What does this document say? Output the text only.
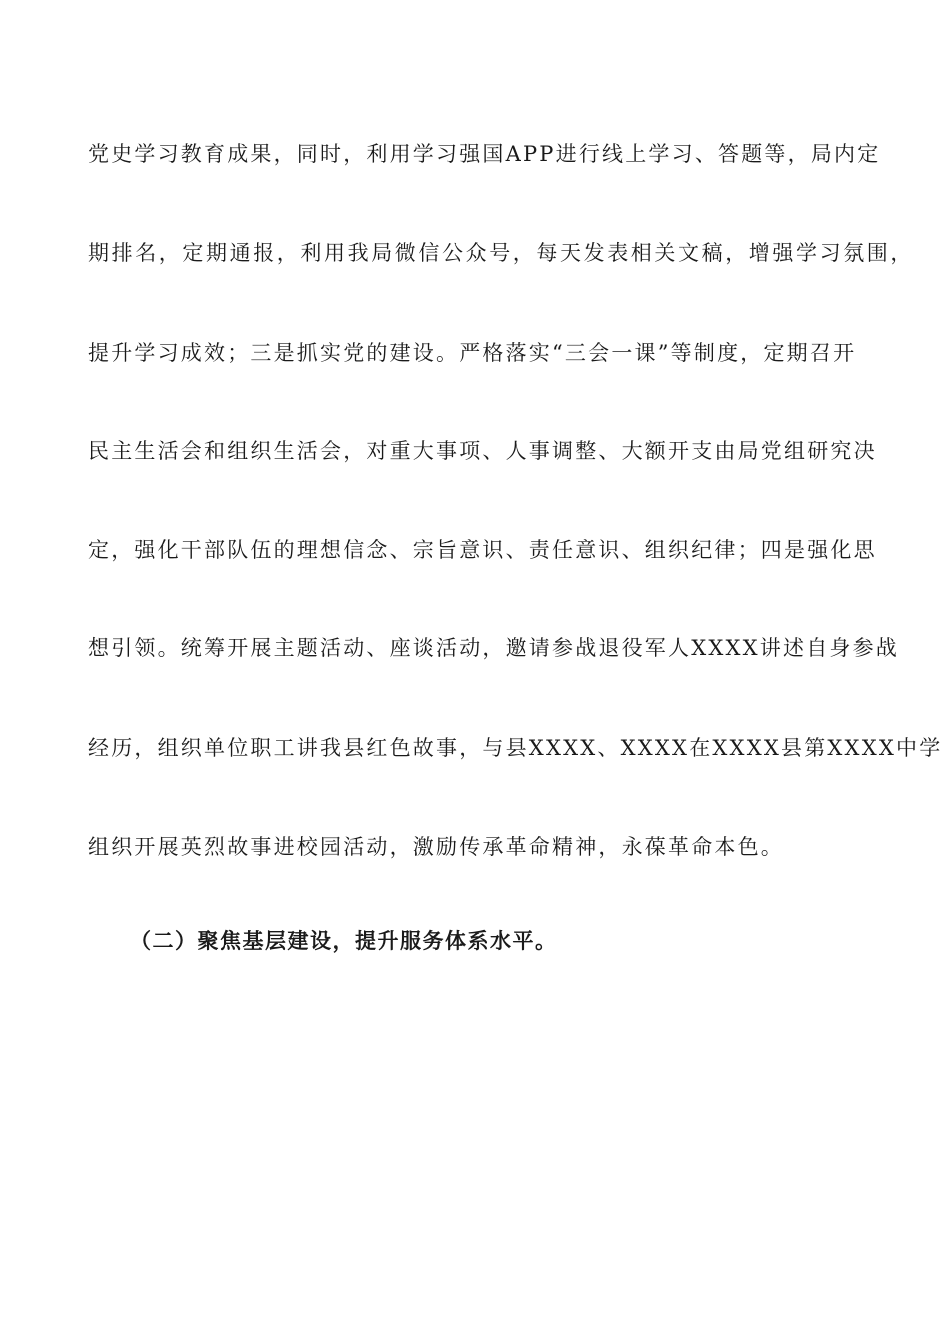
党史学习教育成果，同时，利用学习强国APP进行线上学习、答题等，局内定
期排名，定期通报，利用我局微信公众号，每天发表相关文稿，增强学习氛围，
提升学习成效；三是抓实党的建设。严格落实“三会一课”等制度，定期召开
民主生活会和组织生活会，对重大事项、人事调整、大额开支由局党组研究决
定，强化干部队伍的理想信念、宗旨意识、责任意识、组织纪律；四是强化思
想引领。统筹开展主题活动、座谈活动，邀请参战退役军人XXXX讲述自身参战
经历，组织单位职工讲我县红色故事，与县XXXX、XXXX在XXXX县第XXXX中学
组织开展英烈故事进校园活动，激励传承革命精神，永葆革命本色。
（二）聚焦基层建设，提升服务体系水平。
